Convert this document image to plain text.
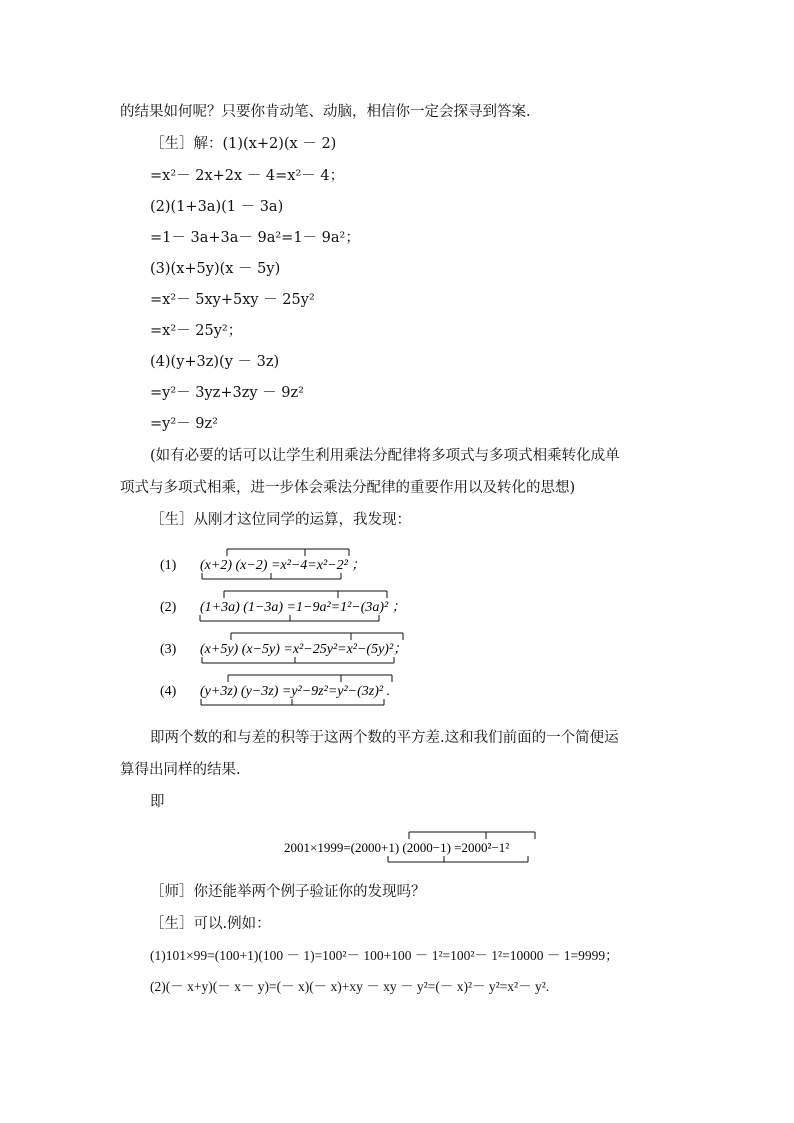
的结果如何呢？只要你肯动笔、动脑，相信你一定会探寻到答案.
［生］解：(1)(x+2)(x － 2)
=x²－ 2x+2x － 4=x²－ 4；
(2)(1+3a)(1 － 3a)
=1－ 3a+3a－ 9a²=1－ 9a²；
(3)(x+5y)(x － 5y)
=x²－ 5xy+5xy － 25y²
=x²－ 25y²；
(4)(y+3z)(y － 3z)
=y²－ 3yz+3zy － 9z²
=y²－ 9z²
(如有必要的话可以让学生利用乘法分配律将多项式与多项式相乘转化成单
项式与多项式相乘，进一步体会乘法分配律的重要作用以及转化的思想)
［生］从刚才这位同学的运算，我发现：
(1) (x+2) (x−2) =x²−4=x²−2² ；
(2) (1+3a) (1−3a) =1−9a²=1²−(3a)² ；
(3) (x+5y) (x−5y) =x²−25y²=x²−(5y)²；
(4) (y+3z) (y−3z) =y²−9z²=y²−(3z)² .
2001×1999=(2000+1) (2000−1) =2000²−1²
即两个数的和与差的积等于这两个数的平方差.这和我们前面的一个简便运
算得出同样的结果.
即
［师］你还能举两个例子验证你的发现吗？
［生］可以.例如：
(1)101×99=(100+1)(100 － 1)=100²－ 100+100 － 1²=100²－ 1²=10000 － 1=9999；
(2)(－ x+y)(－ x－ y)=(－ x)(－ x)+xy － xy － y²=(－ x)²－ y²=x²－ y².
